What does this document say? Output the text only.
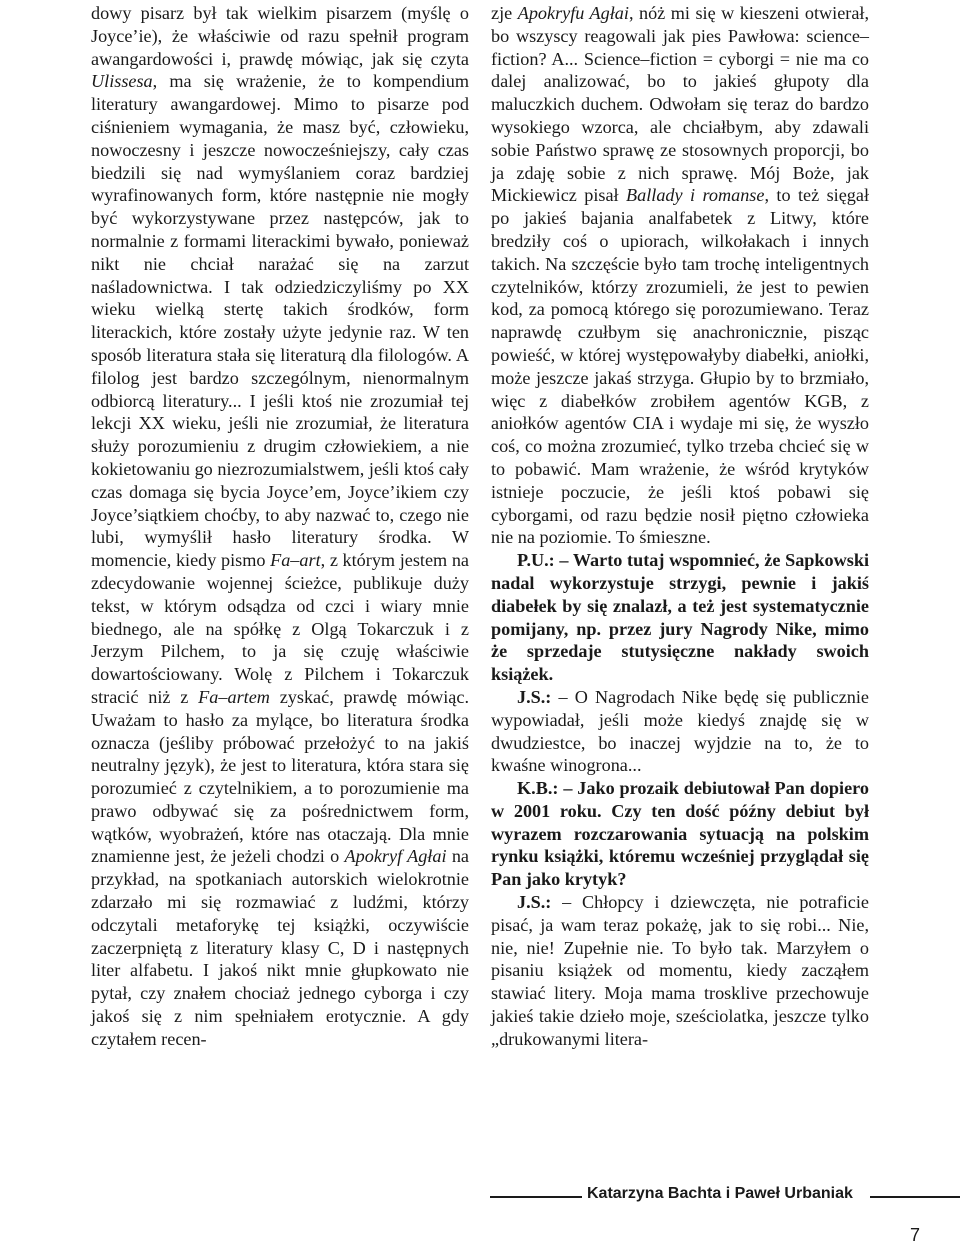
dowy pisarz był tak wielkim pisarzem (myślę o Joyce’ie), że właściwie od razu spełnił program awangardowości i, prawdę mówiąc, jak się czyta Ulissesa, ma się wrażenie, że to kompendium literatury awangardowej. Mimo to pisarze pod ciśnieniem wymagania, że masz być, człowieku, nowoczesny i jeszcze nowocześniejszy, cały czas biedzili się nad wymyślaniem coraz bardziej wyrafinowanych form, które następnie nie mogły być wykorzystywane przez następców, jak to normalnie z formami literackimi bywało, ponieważ nikt nie chciał narażać się na zarzut naśladownictwa. I tak odziedziczyliśmy po XX wieku wielką stertę takich środków, form literackich, które zostały użyte jedynie raz. W ten sposób literatura stała się literaturą dla filologów. A filolog jest bardzo szczególnym, nienormalnym odbiorcą literatury... I jeśli ktoś nie zrozumiał tej lekcji XX wieku, jeśli nie zrozumiał, że literatura służy porozumieniu z drugim człowiekiem, a nie kokietowaniu go niezrozumialstwem, jeśli ktoś cały czas domaga się bycia Joyce’em, Joyce’ikiem czy Joyce’siątkiem choćby, to aby nazwać to, czego nie lubi, wymyślił hasło literatury środka. W momencie, kiedy pismo Fa–art, z którym jestem na zdecydowanie wojennej ścieżce, publikuje duży tekst, w którym odsądza od czci i wiary mnie biednego, ale na spółkę z Olgą Tokarczuk i z Jerzym Pilchem, to ja się czuję właściwie dowartościowany. Wolę z Pilchem i Tokarczuk stracić niż z Fa–artem zyskać, prawdę mówiąc. Uważam to hasło za mylące, bo literatura środka oznacza (jeśliby próbować przełożyć to na jakiś neutralny język), że jest to literatura, która stara się porozumieć z czytelnikiem, a to porozumienie ma prawo odbywać się za pośrednictwem form, wątków, wyobrażeń, które nas otaczają. Dla mnie znamienne jest, że jeżeli chodzi o Apokryf Agłai na przykład, na spotkaniach autorskich wielokrotnie zdarzało mi się rozmawiać z ludźmi, którzy odczytali metaforykę tej książki, oczywiście zaczerpniętą z literatury klasy C, D i następnych liter alfabetu. I jakoś nikt mnie głupkowato nie pytał, czy znałem chociaż jednego cyborga i czy jakoś się z nim spełniałem erotycznie. A gdy czytałem recen-

zje Apokryfu Agłai, nóż mi się w kieszeni otwierał, bo wszyscy reagowali jak pies Pawłowa: science–fiction? A... Science–fiction = cyborgi = nie ma co dalej analizować, bo to jakieś głupoty dla maluczkich duchem. Odwołam się teraz do bardzo wysokiego wzorca, ale chciałbym, aby zdawali sobie Państwo sprawę ze stosownych proporcji, bo ja zdaję sobie z nich sprawę. Mój Boże, jak Mickiewicz pisał Ballady i romanse, to też sięgał po jakieś bajania analfabetek z Litwy, które bredziły coś o upiorach, wilkołakach i innych takich. Na szczęście było tam trochę inteligentnych czytelników, którzy zrozumieli, że jest to pewien kod, za pomocą którego się porozumiewano. Teraz naprawdę czułbym się anachronicznie, pisząc powieść, w której występowałyby diabełki, aniołki, może jeszcze jakaś strzyga. Głupio by to brzmiało, więc z diabełków zrobiłem agentów KGB, z aniołków agentów CIA i wydaje mi się, że wyszło coś, co można zrozumieć, tylko trzeba chcieć się w to pobawić. Mam wrażenie, że wśród krytyków istnieje poczucie, że jeśli ktoś pobawi się cyborgami, od razu będzie nosił piętno człowieka nie na poziomie. To śmieszne.

P.U.: – Warto tutaj wspomnieć, że Sapkowski nadal wykorzystuje strzygi, pewnie i jakiś diabełek by się znalazł, a też jest systematycznie pomijany, np. przez jury Nagrody Nike, mimo że sprzedaje stutysięczne nakłady swoich książek.

J.S.: – O Nagrodach Nike będę się publicznie wypowiadał, jeśli może kiedyś znajdę się w dwudziestce, bo inaczej wyjdzie na to, że to kwaśne winogrona...

K.B.: – Jako prozaik debiutował Pan dopiero w 2001 roku. Czy ten dość późny debiut był wyrazem rozczarowania sytuacją na polskim rynku książki, któremu wcześniej przyglądał się Pan jako krytyk?

J.S.: – Chłopcy i dziewczęta, nie potraficie pisać, ja wam teraz pokażę, jak to się robi... Nie, nie, nie! Zupełnie nie. To było tak. Marzyłem o pisaniu książek od momentu, kiedy zacząłem stawiać litery. Moja mama trosklive przechowuje jakieś takie dzieło moje, sześciolatka, jeszcze tylko „drukowanymi litera-

Katarzyna Bachta i Paweł Urbaniak
7
